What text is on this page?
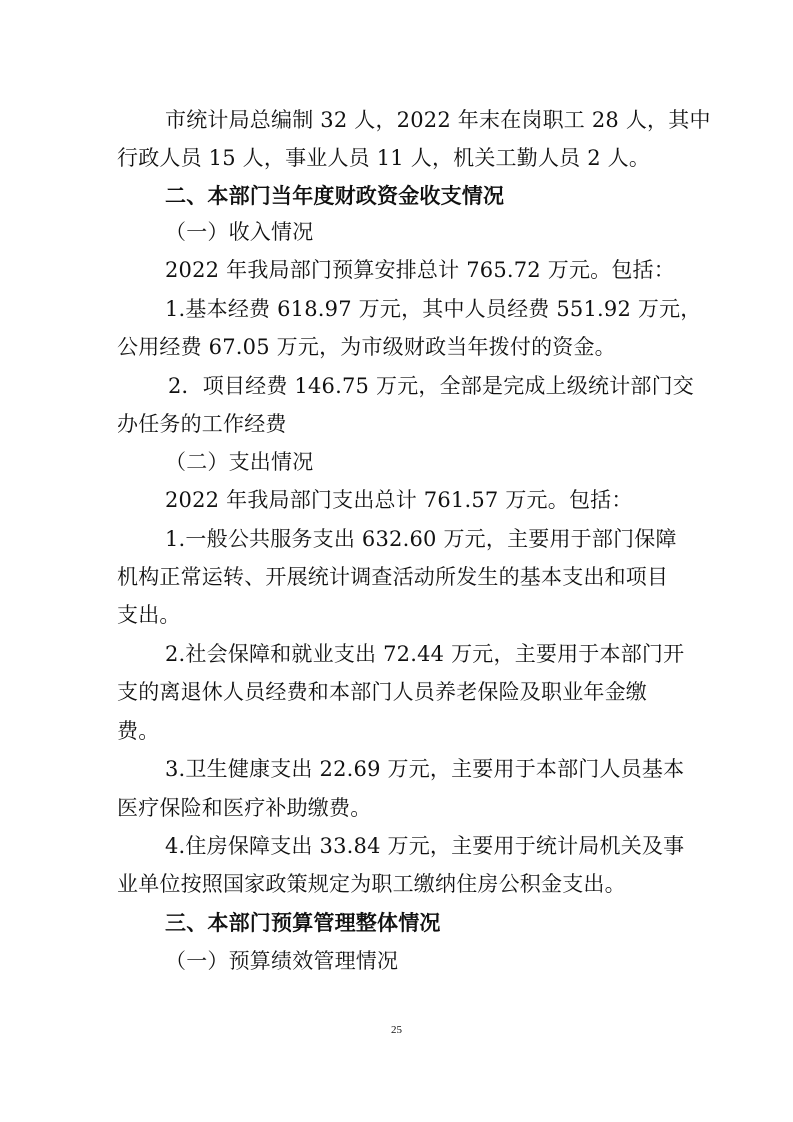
市统计局总编制 32 人，2022 年末在岗职工 28 人，其中
行政人员 15 人，事业人员 11 人，机关工勤人员 2 人。
二、本部门当年度财政资金收支情况
（一）收入情况
2022 年我局部门预算安排总计 765.72 万元。包括：
1.基本经费 618.97 万元，其中人员经费 551.92 万元，
公用经费 67.05 万元，为市级财政当年拨付的资金。
2．项目经费 146.75 万元，全部是完成上级统计部门交
办任务的工作经费
（二）支出情况
2022 年我局部门支出总计 761.57 万元。包括：
1.一般公共服务支出 632.60 万元，主要用于部门保障
机构正常运转、开展统计调查活动所发生的基本支出和项目
支出。
2.社会保障和就业支出 72.44 万元，主要用于本部门开
支的离退休人员经费和本部门人员养老保险及职业年金缴
费。
3.卫生健康支出 22.69 万元，主要用于本部门人员基本
医疗保险和医疗补助缴费。
4.住房保障支出 33.84 万元，主要用于统计局机关及事
业单位按照国家政策规定为职工缴纳住房公积金支出。
三、本部门预算管理整体情况
（一）预算绩效管理情况
25
